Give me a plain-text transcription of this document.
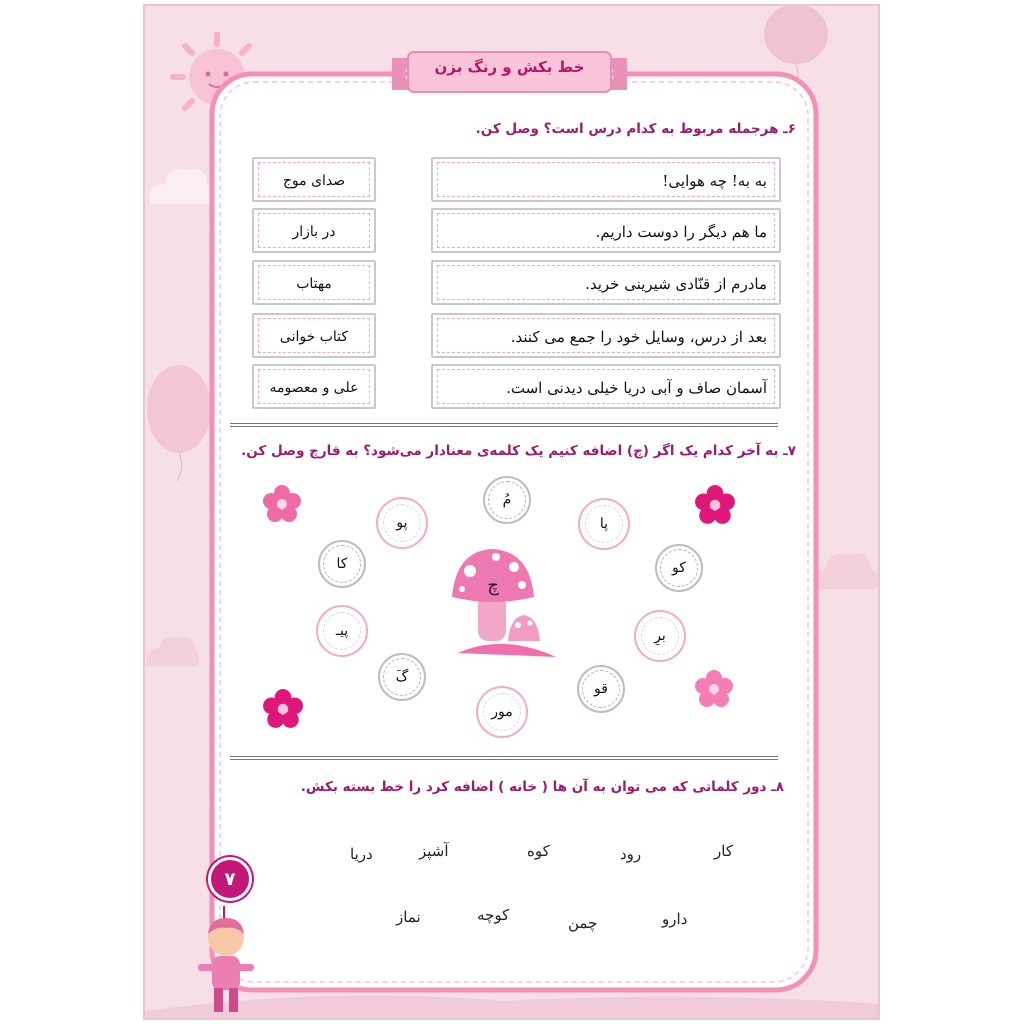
خط بکش و رنگ بزن
۶ـ هرجمله مربوط به کدام درس است؟ وصل کن.
به به! چه هوایی!
ما هم دیگر را دوست داریم.
مادرم از قنّادی شیرینی خرید.
بعد از درس، وسایل خود را جمع می کنند.
آسمان صاف و آبی دریا خیلی دیدنی است.
صدای موج
در بازار
مهتاب
کتاب خوانی
علی و معصومه
۷ـ به آخر کدام یک اگر (چ) اضافه کنیم یک کلمه‌ی معنادار می‌شود؟ به قارچ وصل کن.
چ
مُ
پا
کو
برِ
قو
مور
گَ
پیـ
کا
پو
۸ـ دور کلماتی که می توان به آن ها ( خانه ) اضافه کرد را خط بسته بکش.
کار
رود
کوه
آشپز
دریا
دارو
چمن
کوچه
نماز
۷
